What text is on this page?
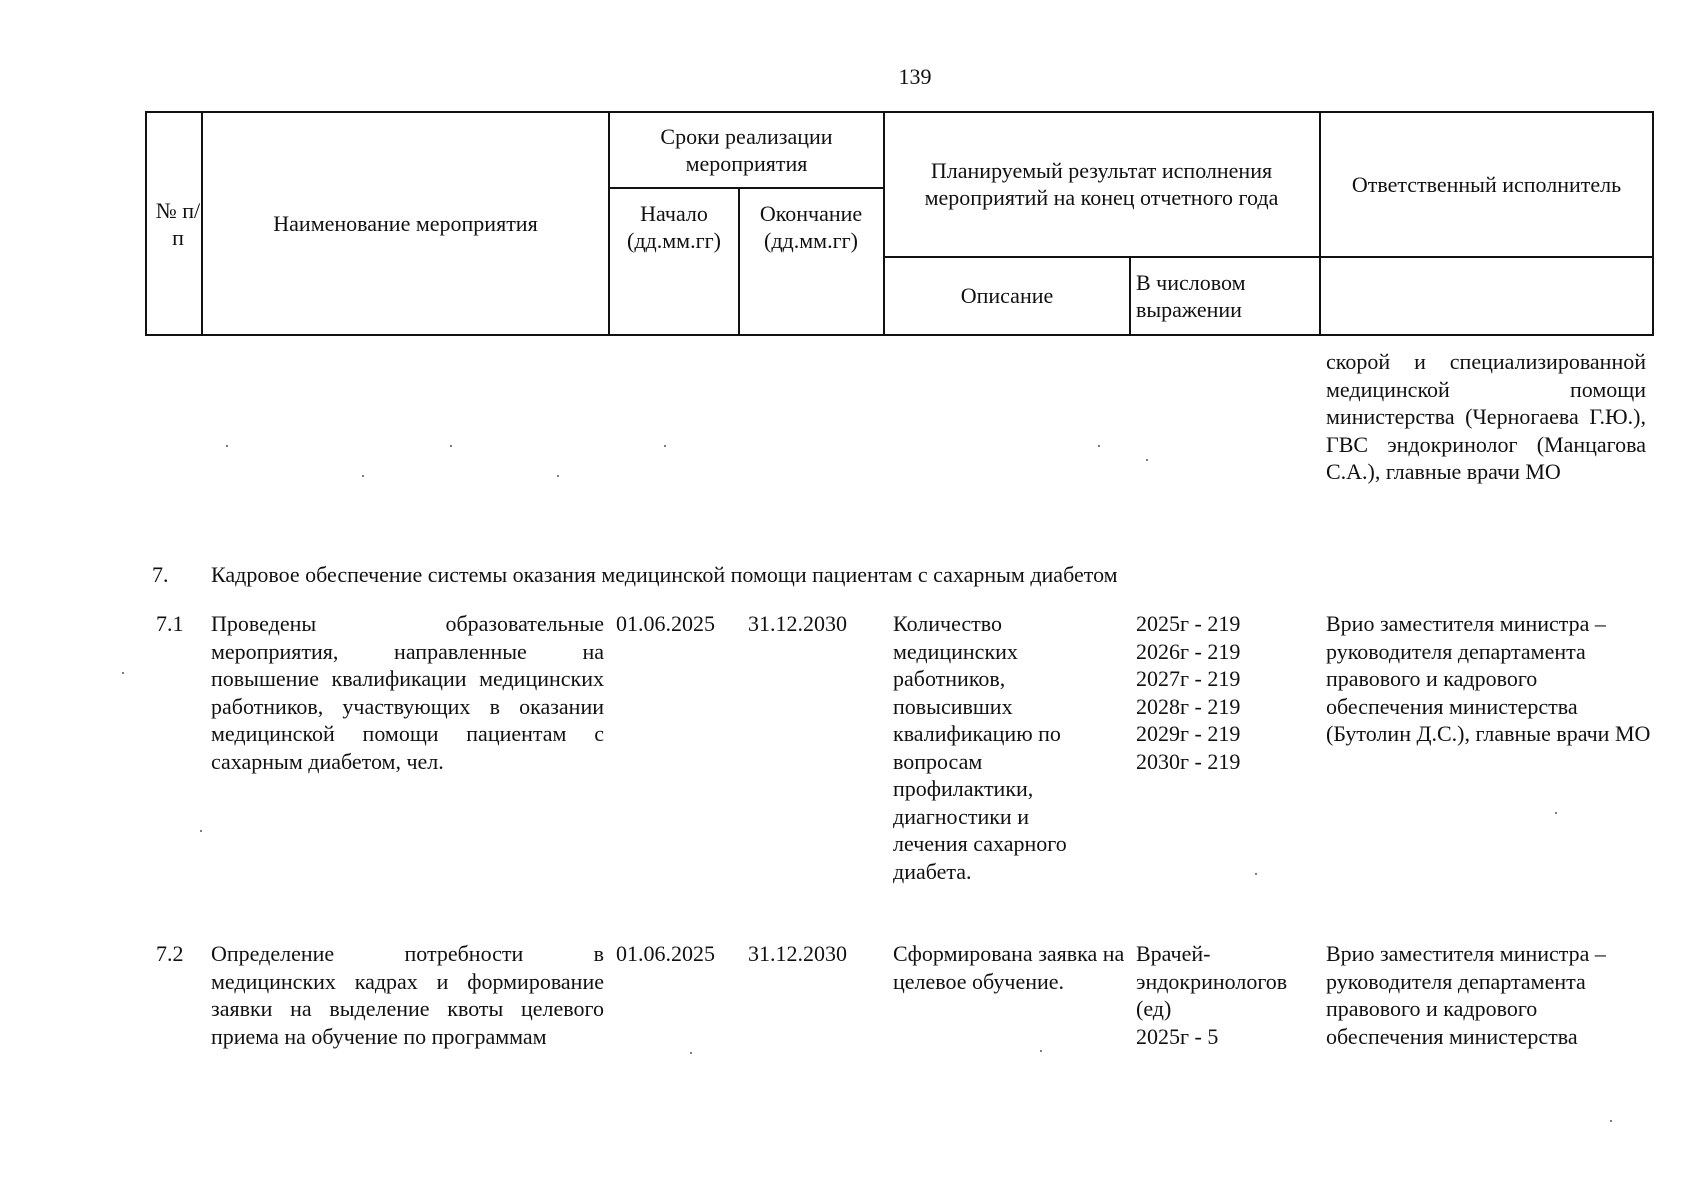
139
№ п/п
Наименование мероприятия
Сроки реализации мероприятия
Начало (дд.мм.гг)
Окончание (дд.мм.гг)
Планируемый результат исполнения мероприятий на конец отчетного года
Описание
В числовом выражении
Ответственный исполнитель
скорой и специализированной медицинской помощи министерства (Черногаева Г.Ю.), ГВС эндокринолог (Манцагова С.А.), главные врачи МО
7. Кадровое обеспечение системы оказания медицинской помощи пациентам с сахарным диабетом
7.1 Проведены образовательные мероприятия, направленные на повышение квалификации медицинских работников, участвующих в оказании медицинской помощи пациентам с сахарным диабетом, чел.
01.06.2025 31.12.2030 Количество медицинских работников, повысивших квалификацию по вопросам профилактики, диагностики и лечения сахарного диабета.
2025г - 219
2026г - 219
2027г - 219
2028г - 219
2029г - 219
2030г - 219
Врио заместителя министра – руководителя департамента правового и кадрового обеспечения министерства (Бутолин Д.С.), главные врачи МО
7.2 Определение потребности в медицинских кадрах и формирование заявки на выделение квоты целевого приема на обучение по программам
01.06.2025 31.12.2030 Сформирована заявка на целевое обучение.
Врачей-
эндокринологов
(ед)
2025г - 5
Врио заместителя министра – руководителя департамента правового и кадрового обеспечения министерства
